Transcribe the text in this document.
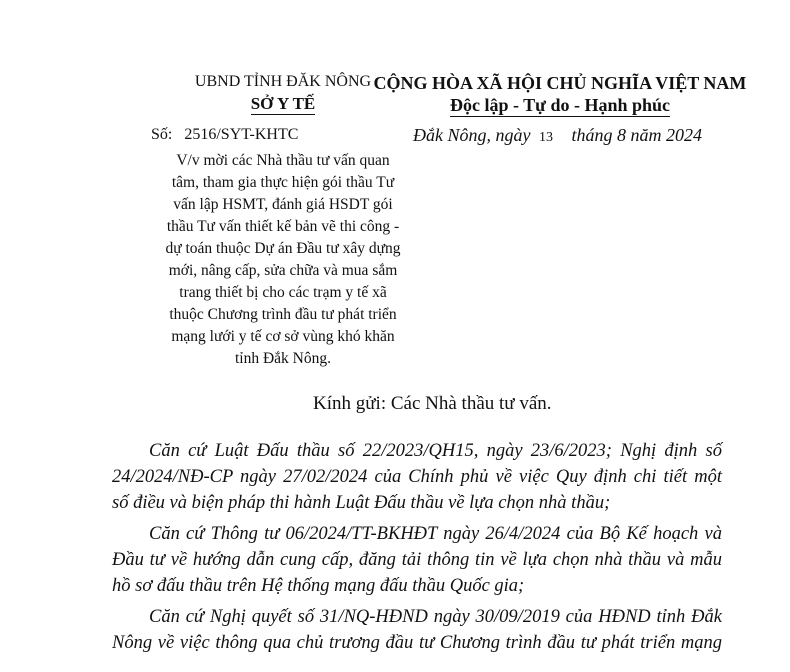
UBND TỈNH ĐĂK NÔNG
SỞ Y TẾ
Số: 2516/SYT-KHTC
CỘNG HÒA XÃ HỘI CHỦ NGHĨA VIỆT NAM
Độc lập - Tự do - Hạnh phúc
Đắk Nông, ngày 13 tháng 8 năm 2024
V/v mời các Nhà thầu tư vấn quan
tâm, tham gia thực hiện gói thầu Tư
vấn lập HSMT, đánh giá HSDT gói
thầu Tư vấn thiết kế bản vẽ thi công -
dự toán thuộc Dự án Đầu tư xây dựng
mới, nâng cấp, sửa chữa và mua sắm
trang thiết bị cho các trạm y tế xã
thuộc Chương trình đầu tư phát triển
mạng lưới y tế cơ sở vùng khó khăn
tỉnh Đắk Nông.
Kính gửi: Các Nhà thầu tư vấn.
Căn cứ Luật Đấu thầu số 22/2023/QH15, ngày 23/6/2023; Nghị định số
24/2024/NĐ-CP ngày 27/02/2024 của Chính phủ về việc Quy định chi tiết một
số điều và biện pháp thi hành Luật Đấu thầu về lựa chọn nhà thầu;
Căn cứ Thông tư 06/2024/TT-BKHĐT ngày 26/4/2024 của Bộ Kế hoạch và
Đầu tư về hướng dẫn cung cấp, đăng tải thông tin về lựa chọn nhà thầu và mẫu
hồ sơ đấu thầu trên Hệ thống mạng đấu thầu Quốc gia;
Căn cứ Nghị quyết số 31/NQ-HĐND ngày 30/09/2019 của HĐND tỉnh Đắk
Nông về việc thông qua chủ trương đầu tư Chương trình đầu tư phát triển mạng
